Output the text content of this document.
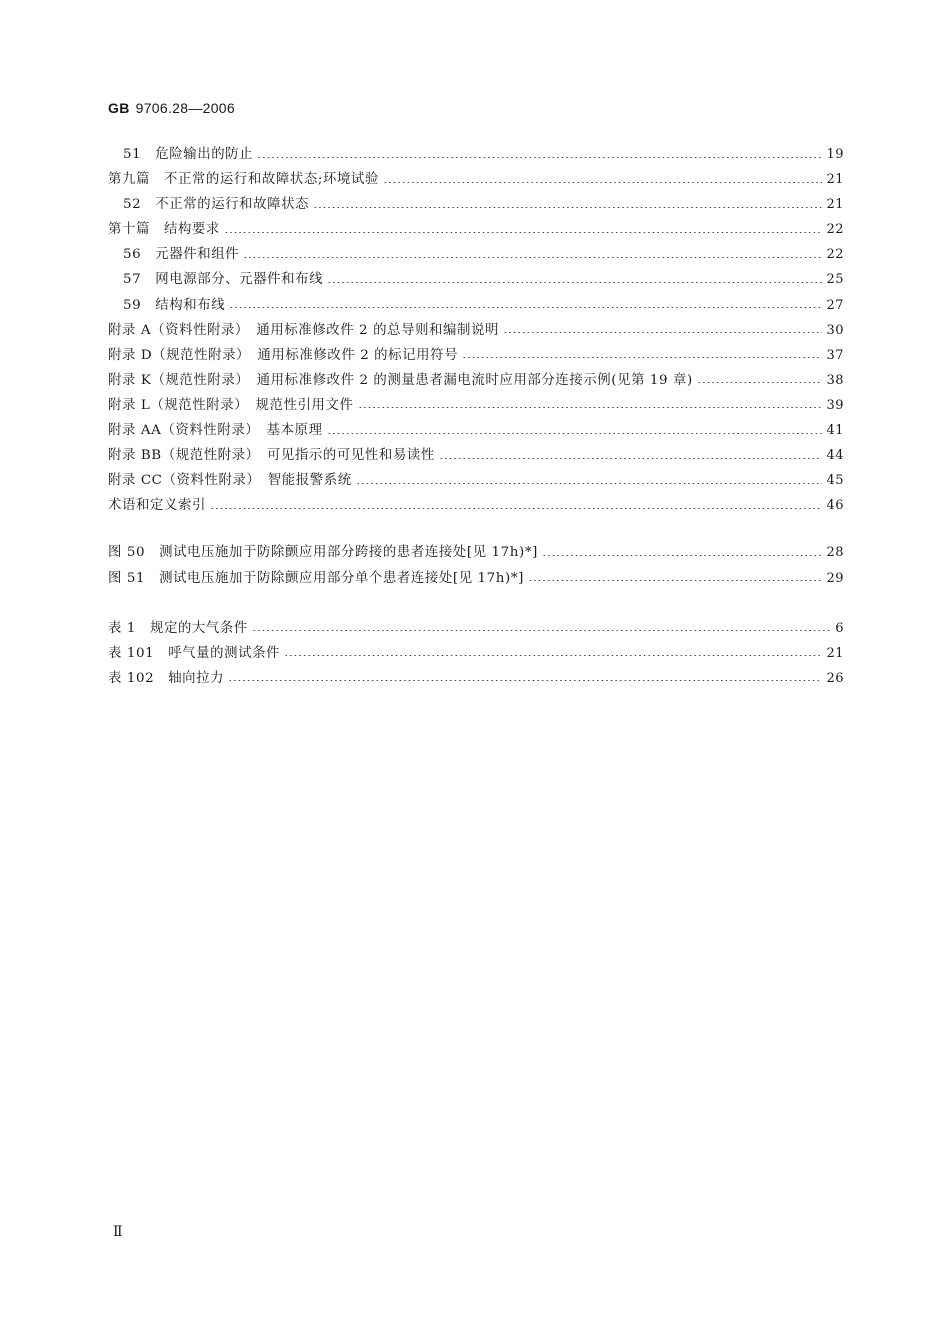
GB 9706.28—2006
51　危险输出的防止	19
第九篇　不正常的运行和故障状态;环境试验	21
52　不正常的运行和故障状态	21
第十篇　结构要求	22
56　元器件和组件	22
57　网电源部分、元器件和布线	25
59　结构和布线	27
附录 A（资料性附录）　通用标准修改件 2 的总导则和编制说明	30
附录 D（规范性附录）　通用标准修改件 2 的标记用符号	37
附录 K（规范性附录）　通用标准修改件 2 的测量患者漏电流时应用部分连接示例(见第 19 章)	38
附录 L（规范性附录）　规范性引用文件	39
附录 AA（资料性附录）　基本原理	41
附录 BB（规范性附录）　可见指示的可见性和易读性	44
附录 CC（资料性附录）　智能报警系统	45
术语和定义索引	46
图 50　测试电压施加于防除颤应用部分跨接的患者连接处[见 17h)*]	28
图 51　测试电压施加于防除颤应用部分单个患者连接处[见 17h)*]	29
表 1　规定的大气条件	6
表 101　呼气量的测试条件	21
表 102　轴向拉力	26
Ⅱ
